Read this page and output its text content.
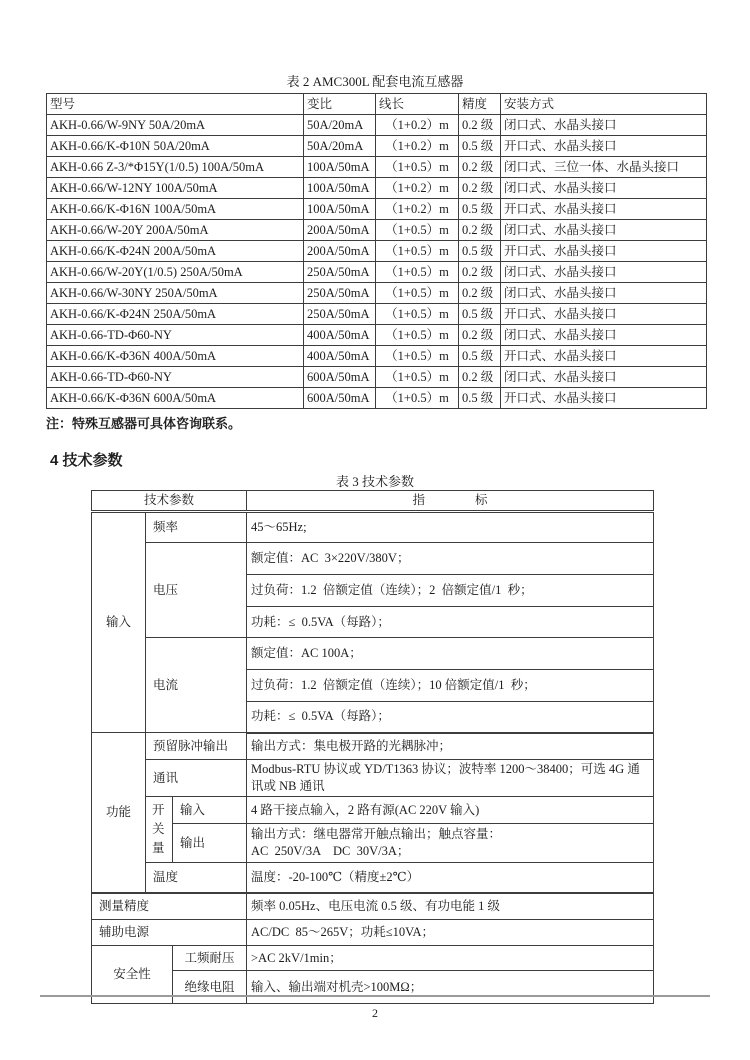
表 2 AMC300L 配套电流互感器
型号	变比	线长	精度	安装方式
AKH-0.66/W-9NY 50A/20mA	50A/20mA	（1+0.2）m	0.2 级	闭口式、水晶头接口
AKH-0.66/K-Φ10N 50A/20mA	50A/20mA	（1+0.2）m	0.5 级	开口式、水晶头接口
AKH-0.66 Z-3/*Φ15Y(1/0.5) 100A/50mA	100A/50mA	（1+0.5）m	0.2 级	闭口式、三位一体、水晶头接口
AKH-0.66/W-12NY 100A/50mA	100A/50mA	（1+0.2）m	0.2 级	闭口式、水晶头接口
AKH-0.66/K-Φ16N 100A/50mA	100A/50mA	（1+0.2）m	0.5 级	开口式、水晶头接口
AKH-0.66/W-20Y 200A/50mA	200A/50mA	（1+0.5）m	0.2 级	闭口式、水晶头接口
AKH-0.66/K-Φ24N 200A/50mA	200A/50mA	（1+0.5）m	0.5 级	开口式、水晶头接口
AKH-0.66/W-20Y(1/0.5) 250A/50mA	250A/50mA	（1+0.5）m	0.2 级	闭口式、水晶头接口
AKH-0.66/W-30NY 250A/50mA	250A/50mA	（1+0.5）m	0.2 级	闭口式、水晶头接口
AKH-0.66/K-Φ24N 250A/50mA	250A/50mA	（1+0.5）m	0.5 级	开口式、水晶头接口
AKH-0.66-TD-Φ60-NY	400A/50mA	（1+0.5）m	0.2 级	闭口式、水晶头接口
AKH-0.66/K-Φ36N 400A/50mA	400A/50mA	（1+0.5）m	0.5 级	开口式、水晶头接口
AKH-0.66-TD-Φ60-NY	600A/50mA	（1+0.5）m	0.2 级	闭口式、水晶头接口
AKH-0.66/K-Φ36N 600A/50mA	600A/50mA	（1+0.5）m	0.5 级	开口式、水晶头接口
注：特殊互感器可具体咨询联系。
4 技术参数
表 3 技术参数
技术参数			指　　　　标
输入	频率		45～65Hz;
	电压		额定值：AC  3×220V/380V；
			过负荷：1.2  倍额定值（连续）；2  倍额定值/1  秒；
			功耗：≤  0.5VA（每路）；
	电流		额定值：AC 100A；
			过负荷：1.2  倍额定值（连续）；10 倍额定值/1  秒；
			功耗：≤  0.5VA（每路）；
功能	预留脉冲输出		输出方式：集电极开路的光耦脉冲；
	通讯		Modbus-RTU 协议或 YD/T1363 协议；波特率 1200～38400；可选 4G 通讯或 NB 通讯
	开关量	输入	4 路干接点输入，2 路有源(AC 220V 输入)
		输出	输出方式：继电器常开触点输出；触点容量：
AC  250V/3A    DC  30V/3A；

	温度		温度：-20-100℃（精度±2℃）
测量精度			频率 0.05Hz、电压电流 0.5 级、有功电能 1 级
辅助电源			AC/DC  85～265V；功耗≤10VA；
安全性		工频耐压	>AC 2kV/1min；
		绝缘电阻	输入、输出端对机壳>100MΩ；
2
